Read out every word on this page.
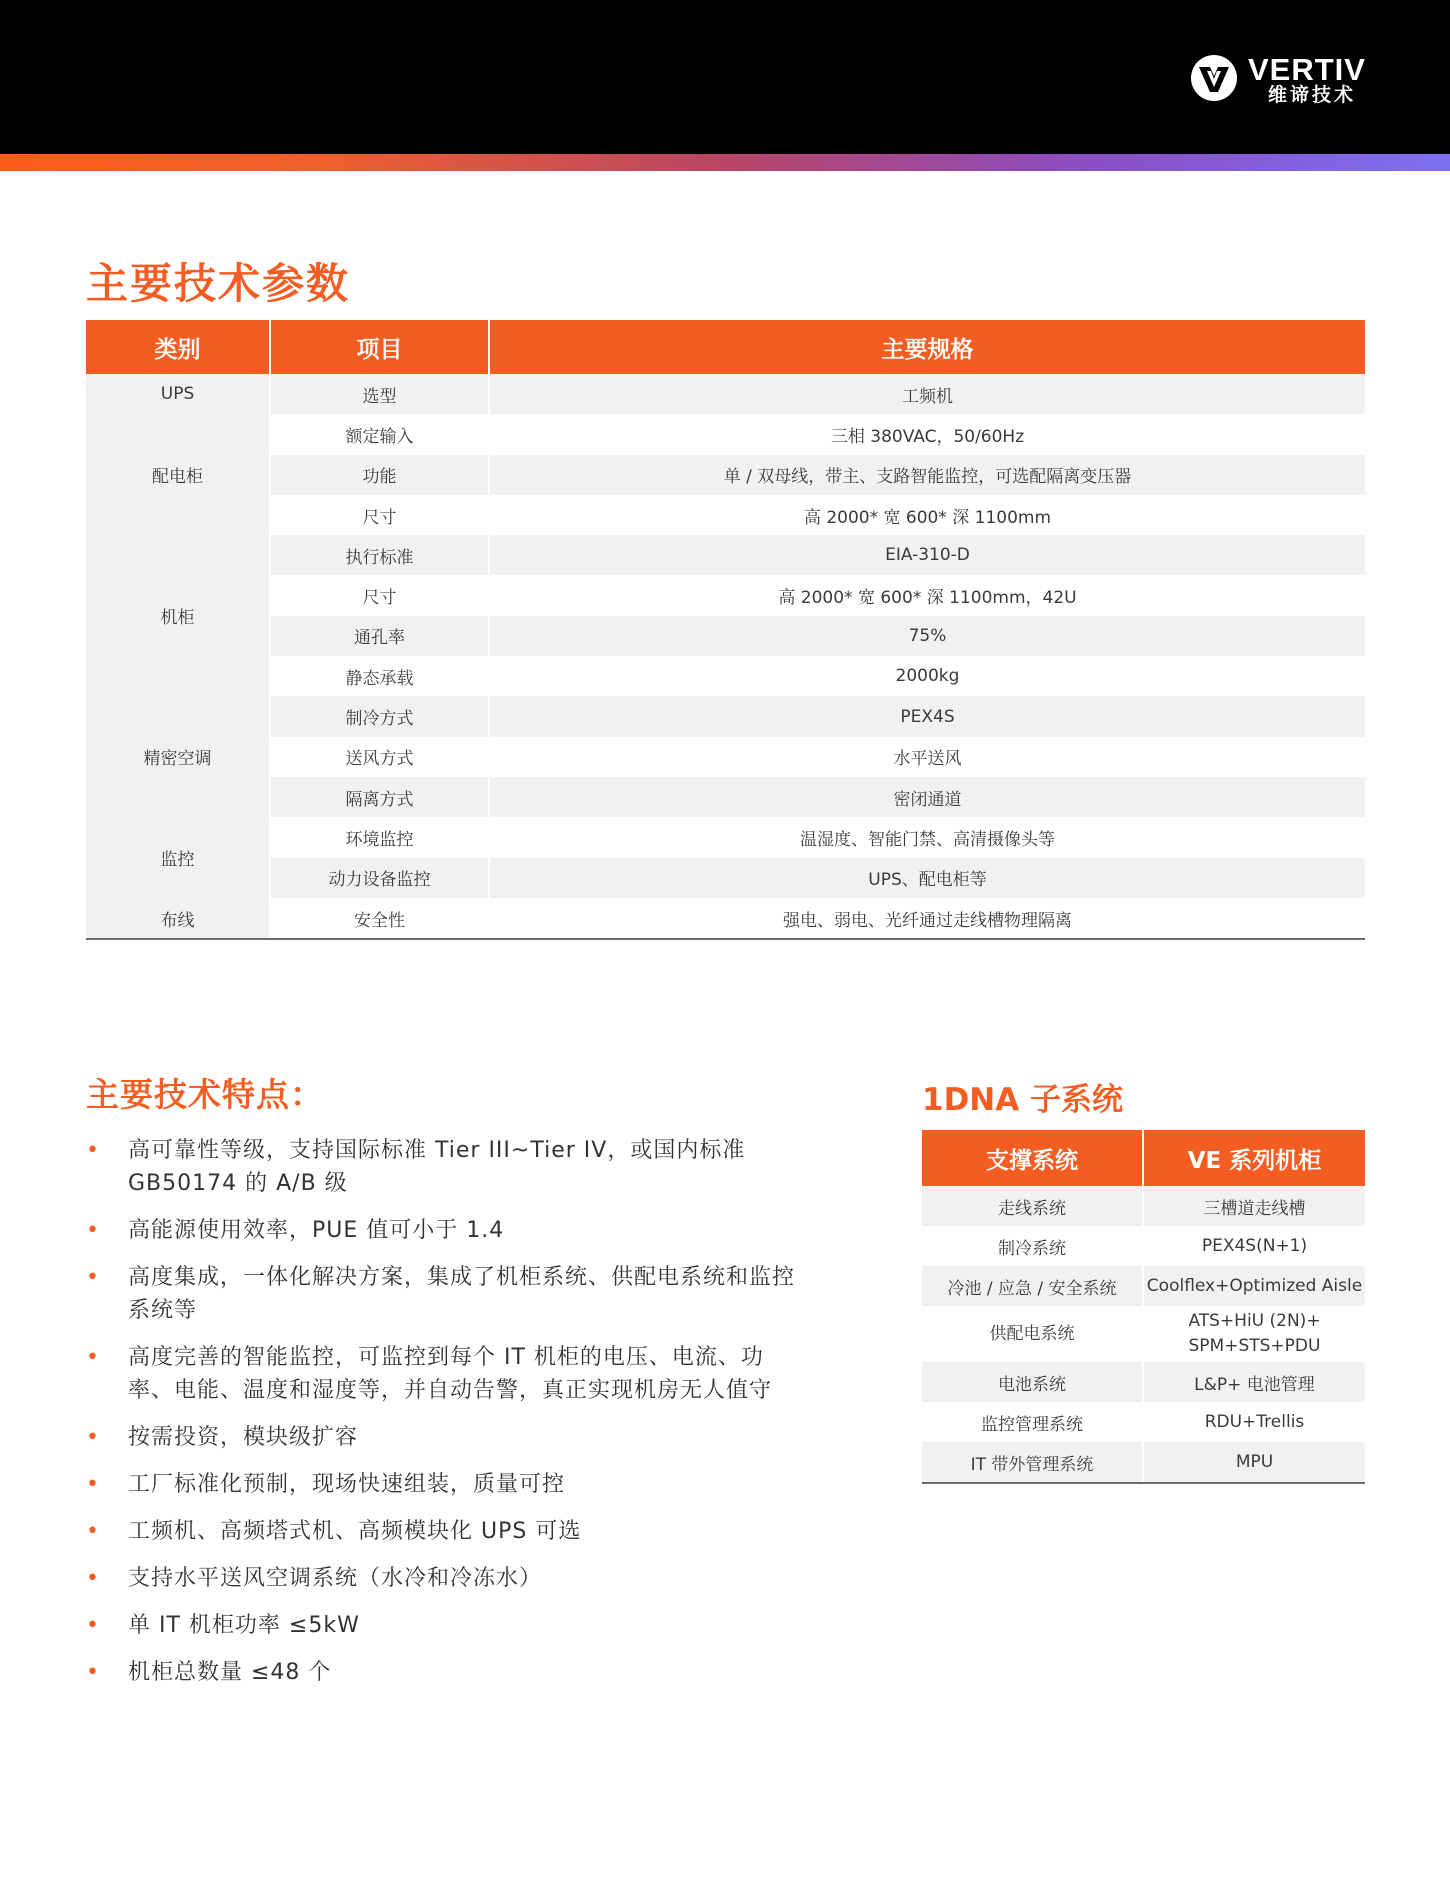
VERTIV
维谛技术
主要技术参数
类别	项目	主要规格
UPS	选型	工频机
配电柜	额定输入	三相 380VAC，50/60Hz
	功能	单 / 双母线，带主、支路智能监控，可选配隔离变压器
	尺寸	高 2000* 宽 600* 深 1100mm
机柜	执行标准	EIA-310-D
	尺寸	高 2000* 宽 600* 深 1100mm，42U
	通孔率	75%
	静态承载	2000kg
精密空调	制冷方式	PEX4S
	送风方式	水平送风
	隔离方式	密闭通道
监控	环境监控	温湿度、智能门禁、高清摄像头等
	动力设备监控	UPS、配电柜等
布线	安全性	强电、弱电、光纤通过走线槽物理隔离
主要技术特点：
• 高可靠性等级，支持国际标准 Tier III~Tier IV，或国内标准 GB50174 的 A/B 级
• 高能源使用效率，PUE 值可小于 1.4
• 高度集成，一体化解决方案，集成了机柜系统、供配电系统和监控系统等
• 高度完善的智能监控，可监控到每个 IT 机柜的电压、电流、功率、电能、温度和湿度等，并自动告警，真正实现机房无人值守
• 按需投资，模块级扩容
• 工厂标准化预制，现场快速组装，质量可控
• 工频机、高频塔式机、高频模块化 UPS 可选
• 支持水平送风空调系统（水冷和冷冻水）
• 单 IT 机柜功率 ≤5kW
• 机柜总数量 ≤48 个
1DNA 子系统
支撑系统	VE 系列机柜
走线系统	三槽道走线槽
制冷系统	PEX4S(N+1)
冷池 / 应急 / 安全系统	Coolflex+Optimized Aisle
供配电系统	ATS+HiU (2N)+
SPM+STS+PDU

电池系统	L&P+ 电池管理
监控管理系统	RDU+Trellis
IT 带外管理系统	MPU
